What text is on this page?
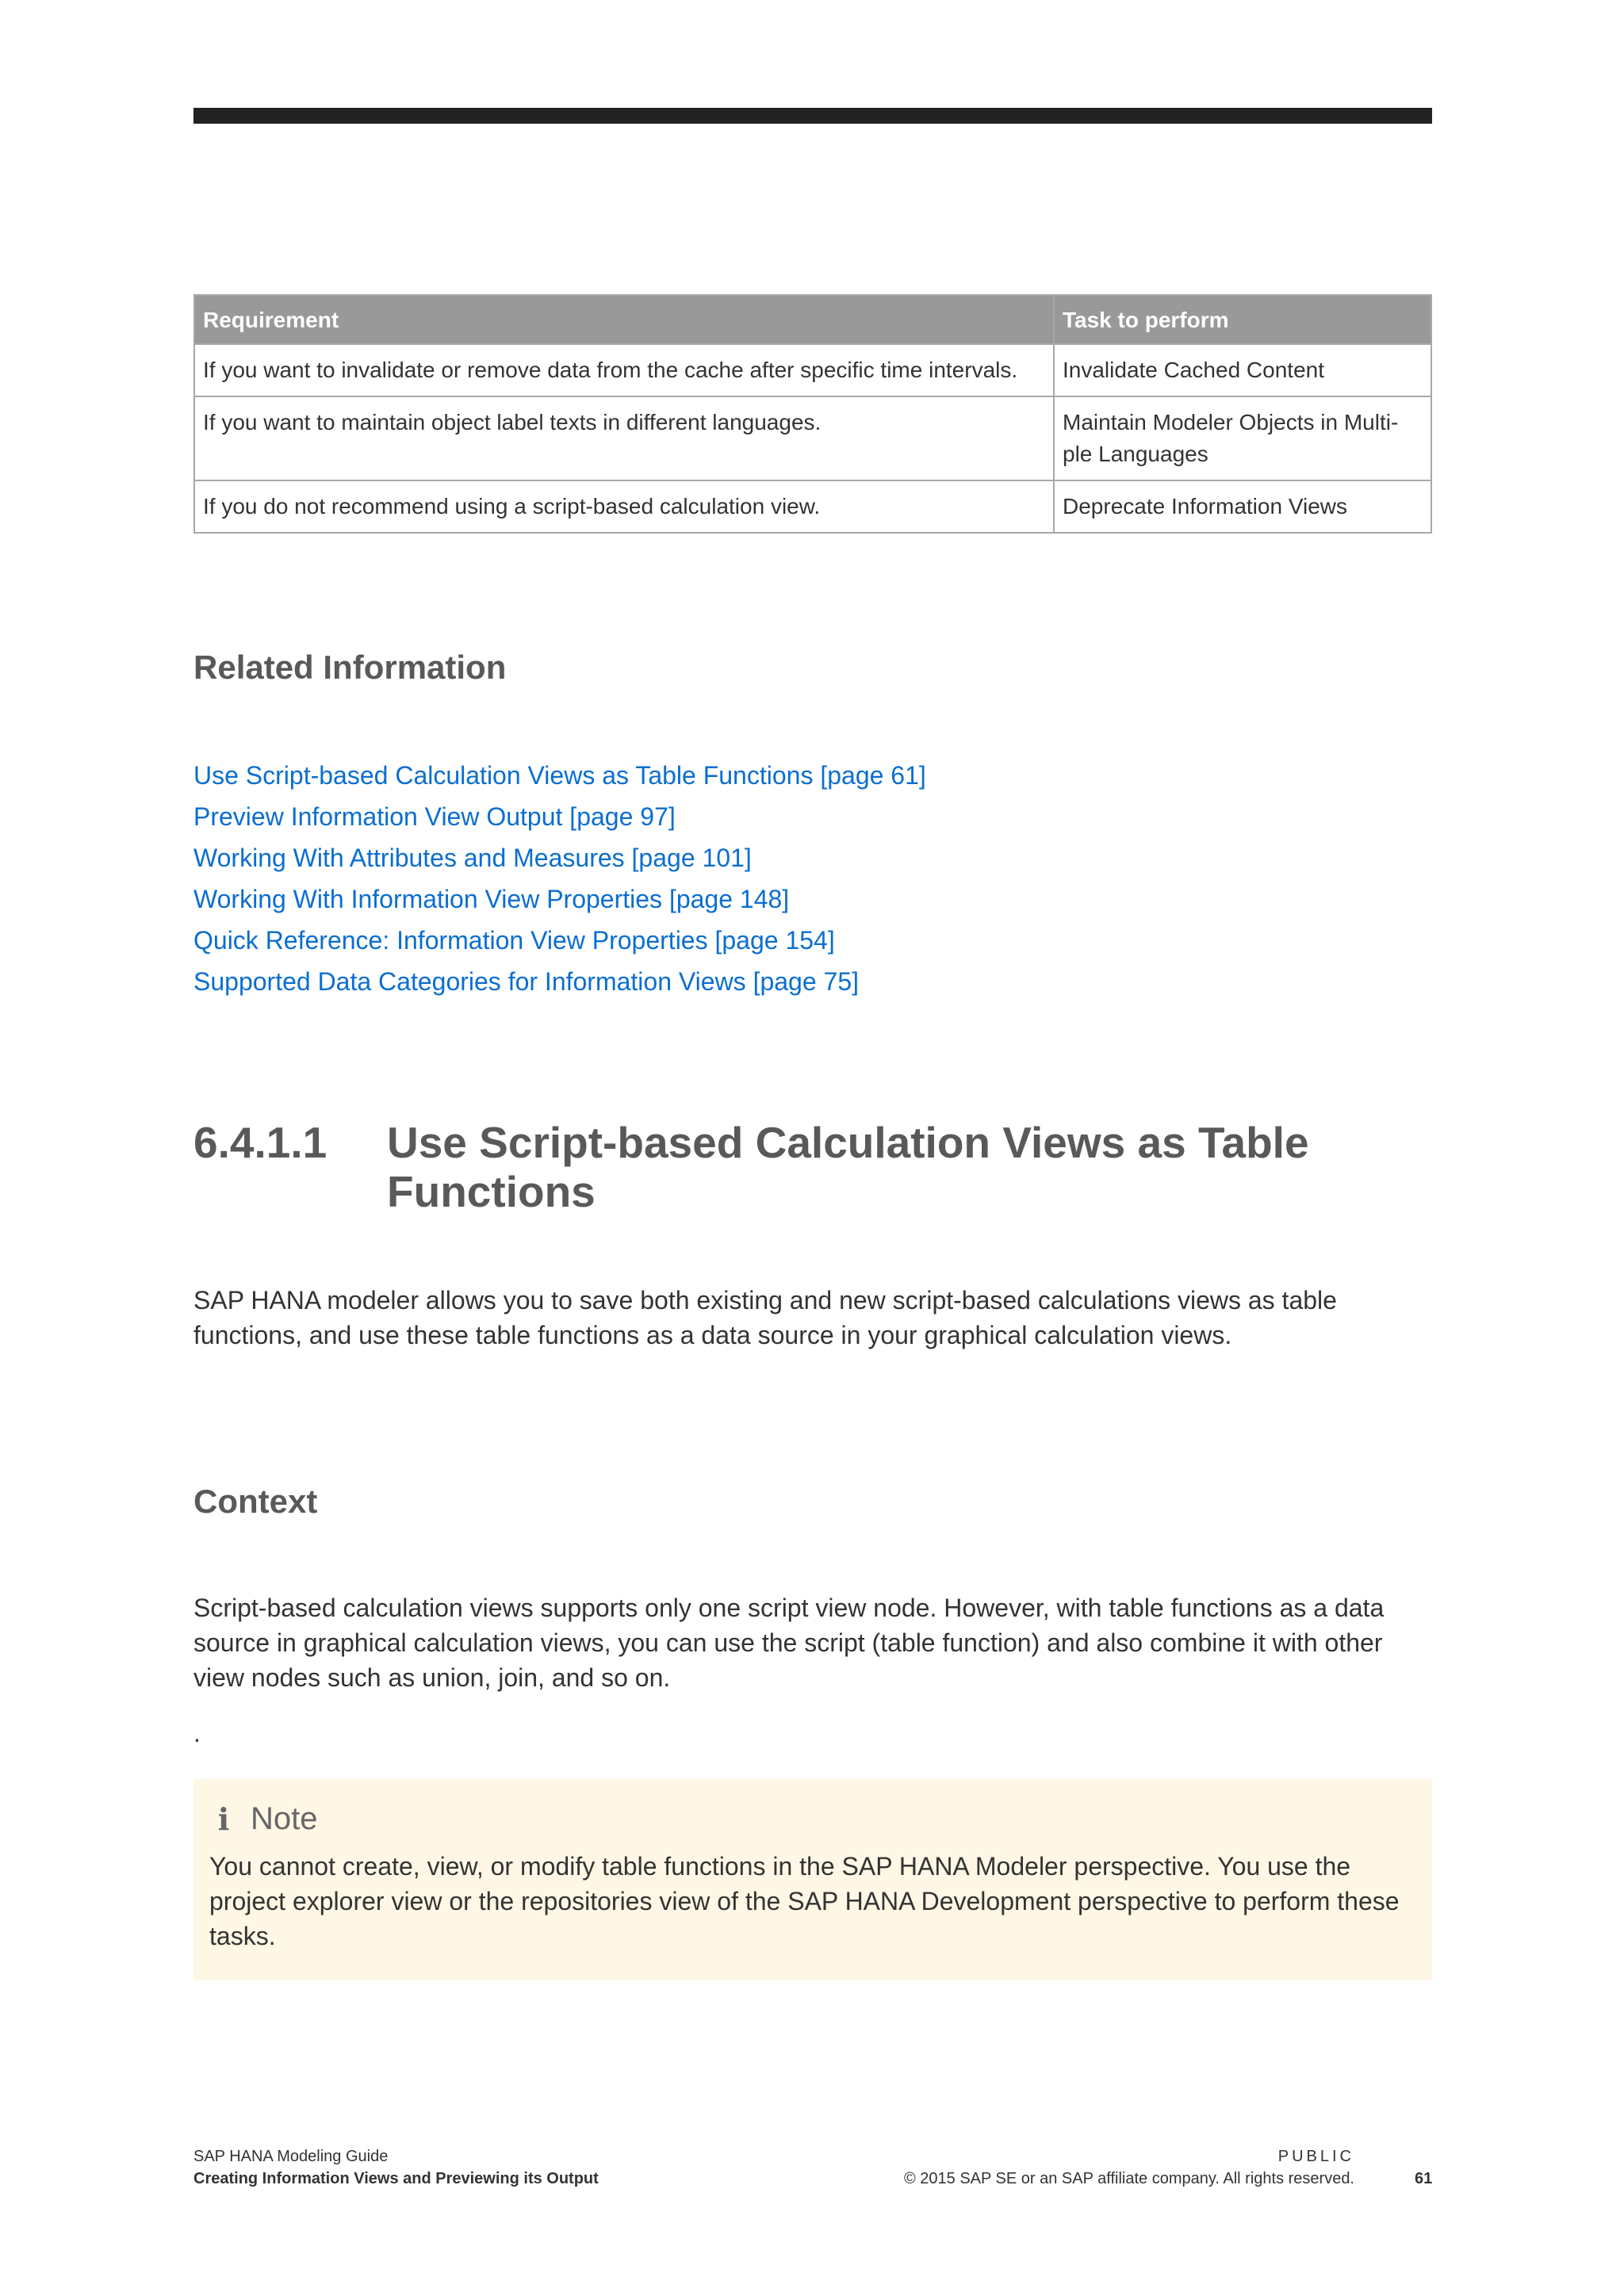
Requirement	Task to perform
If you want to invalidate or remove data from the cache after specific time intervals.	Invalidate Cached Content
If you want to maintain object label texts in different languages.	Maintain Modeler Objects in Multi-ple Languages
If you do not recommend using a script-based calculation view.	Deprecate Information Views
Related Information
Use Script-based Calculation Views as Table Functions [page 61]
Preview Information View Output [page 97]
Working With Attributes and Measures [page 101]
Working With Information View Properties [page 148]
Quick Reference: Information View Properties [page 154]
Supported Data Categories for Information Views [page 75]
6.4.1.1 Use Script-based Calculation Views as Table Functions

SAP HANA modeler allows you to save both existing and new script-based calculations views as table functions, and use these table functions as a data source in your graphical calculation views.

Context

Script-based calculation views supports only one script view node. However, with table functions as a data source in graphical calculation views, you can use the script (table function) and also combine it with other view nodes such as union, join, and so on.

.

i Note

You cannot create, view, or modify table functions in the SAP HANA Modeler perspective. You use the project explorer view or the repositories view of the SAP HANA Development perspective to perform these tasks.

SAP HANA Modeling Guide
Creating Information Views and Previewing its Output
PUBLIC
© 2015 SAP SE or an SAP affiliate company. All rights reserved.	61
